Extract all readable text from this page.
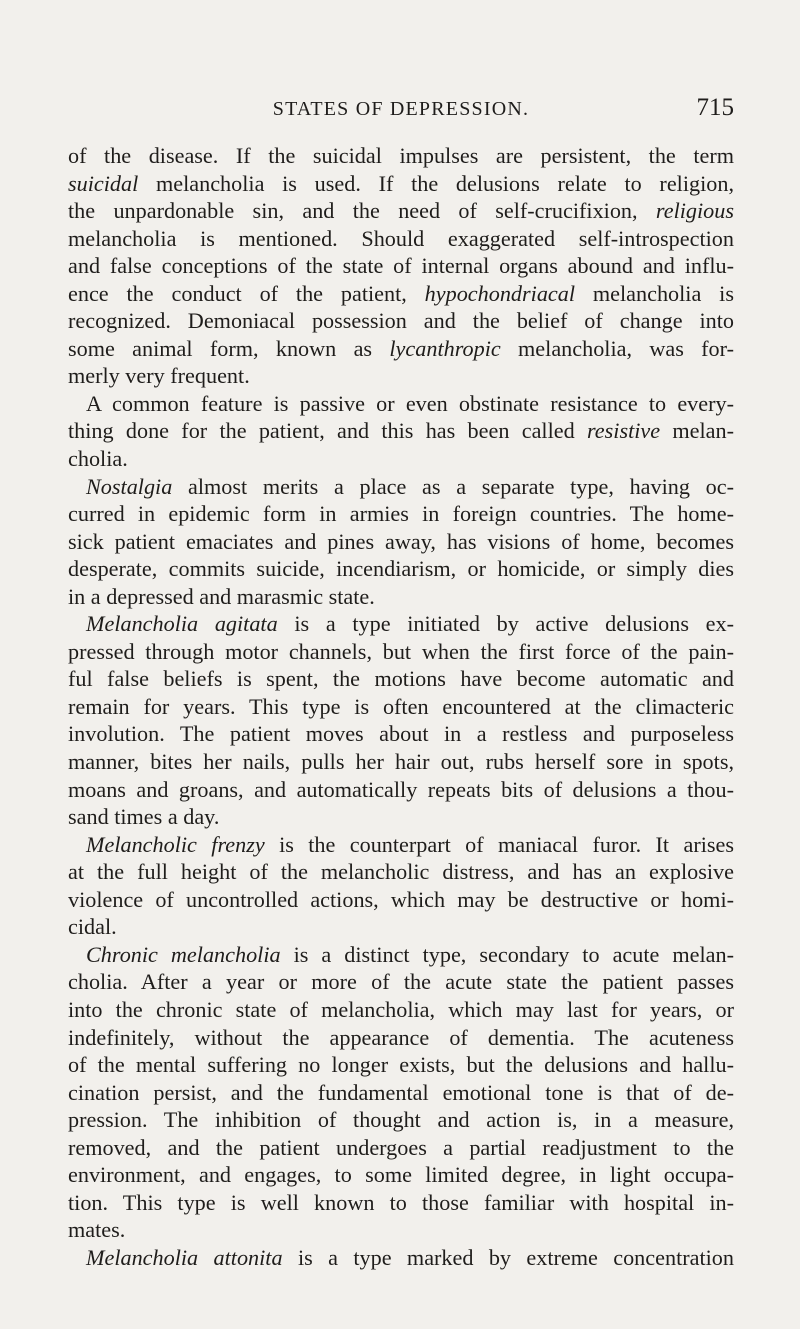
STATES OF DEPRESSION.	715
of the disease. If the suicidal impulses are persistent, the term
suicidal melancholia is used. If the delusions relate to religion,
the unpardonable sin, and the need of self-crucifixion, religious
melancholia is mentioned. Should exaggerated self-introspection
and false conceptions of the state of internal organs abound and influ-
ence the conduct of the patient, hypochondriacal melancholia is
recognized. Demoniacal possession and the belief of change into
some animal form, known as lycanthropic melancholia, was for-
merly very frequent.
A common feature is passive or even obstinate resistance to every-
thing done for the patient, and this has been called resistive melan-
cholia.
Nostalgia almost merits a place as a separate type, having oc-
curred in epidemic form in armies in foreign countries. The home-
sick patient emaciates and pines away, has visions of home, becomes
desperate, commits suicide, incendiarism, or homicide, or simply dies
in a depressed and marasmic state.
Melancholia agitata is a type initiated by active delusions ex-
pressed through motor channels, but when the first force of the pain-
ful false beliefs is spent, the motions have become automatic and
remain for years. This type is often encountered at the climacteric
involution. The patient moves about in a restless and purposeless
manner, bites her nails, pulls her hair out, rubs herself sore in spots,
moans and groans, and automatically repeats bits of delusions a thou-
sand times a day.
Melancholic frenzy is the counterpart of maniacal furor. It arises
at the full height of the melancholic distress, and has an explosive
violence of uncontrolled actions, which may be destructive or homi-
cidal.
Chronic melancholia is a distinct type, secondary to acute melan-
cholia. After a year or more of the acute state the patient passes
into the chronic state of melancholia, which may last for years, or
indefinitely, without the appearance of dementia. The acuteness
of the mental suffering no longer exists, but the delusions and hallu-
cination persist, and the fundamental emotional tone is that of de-
pression. The inhibition of thought and action is, in a measure,
removed, and the patient undergoes a partial readjustment to the
environment, and engages, to some limited degree, in light occupa-
tion. This type is well known to those familiar with hospital in-
mates.
Melancholia attonita is a type marked by extreme concentration
